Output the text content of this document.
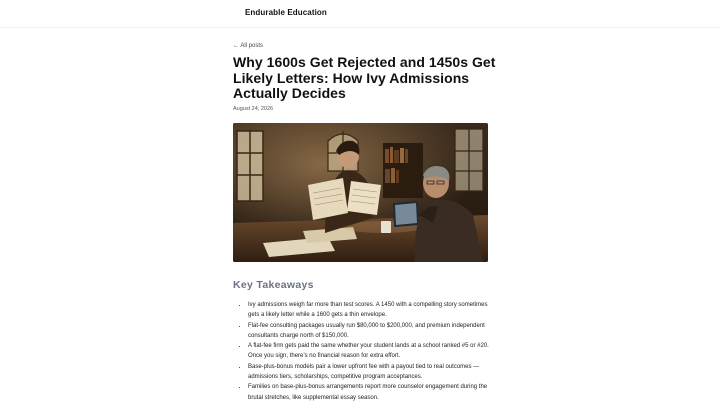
Endurable Education
← All posts
Why 1600s Get Rejected and 1450s Get Likely Letters: How Ivy Admissions Actually Decides
August 24, 2026
Key Takeaways
• Ivy admissions weigh far more than test scores. A 1450 with a compelling story sometimes gets a likely letter while a 1600 gets a thin envelope.
• Flat-fee consulting packages usually run $80,000 to $200,000, and premium independent consultants charge north of $150,000.
• A flat-fee firm gets paid the same whether your student lands at a school ranked #5 or #20. Once you sign, there’s no financial reason for extra effort.
• Base-plus-bonus models pair a lower upfront fee with a payout tied to real outcomes — admissions tiers, scholarships, competitive program acceptances.
• Families on base-plus-bonus arrangements report more counselor engagement during the brutal stretches, like supplemental essay season.
